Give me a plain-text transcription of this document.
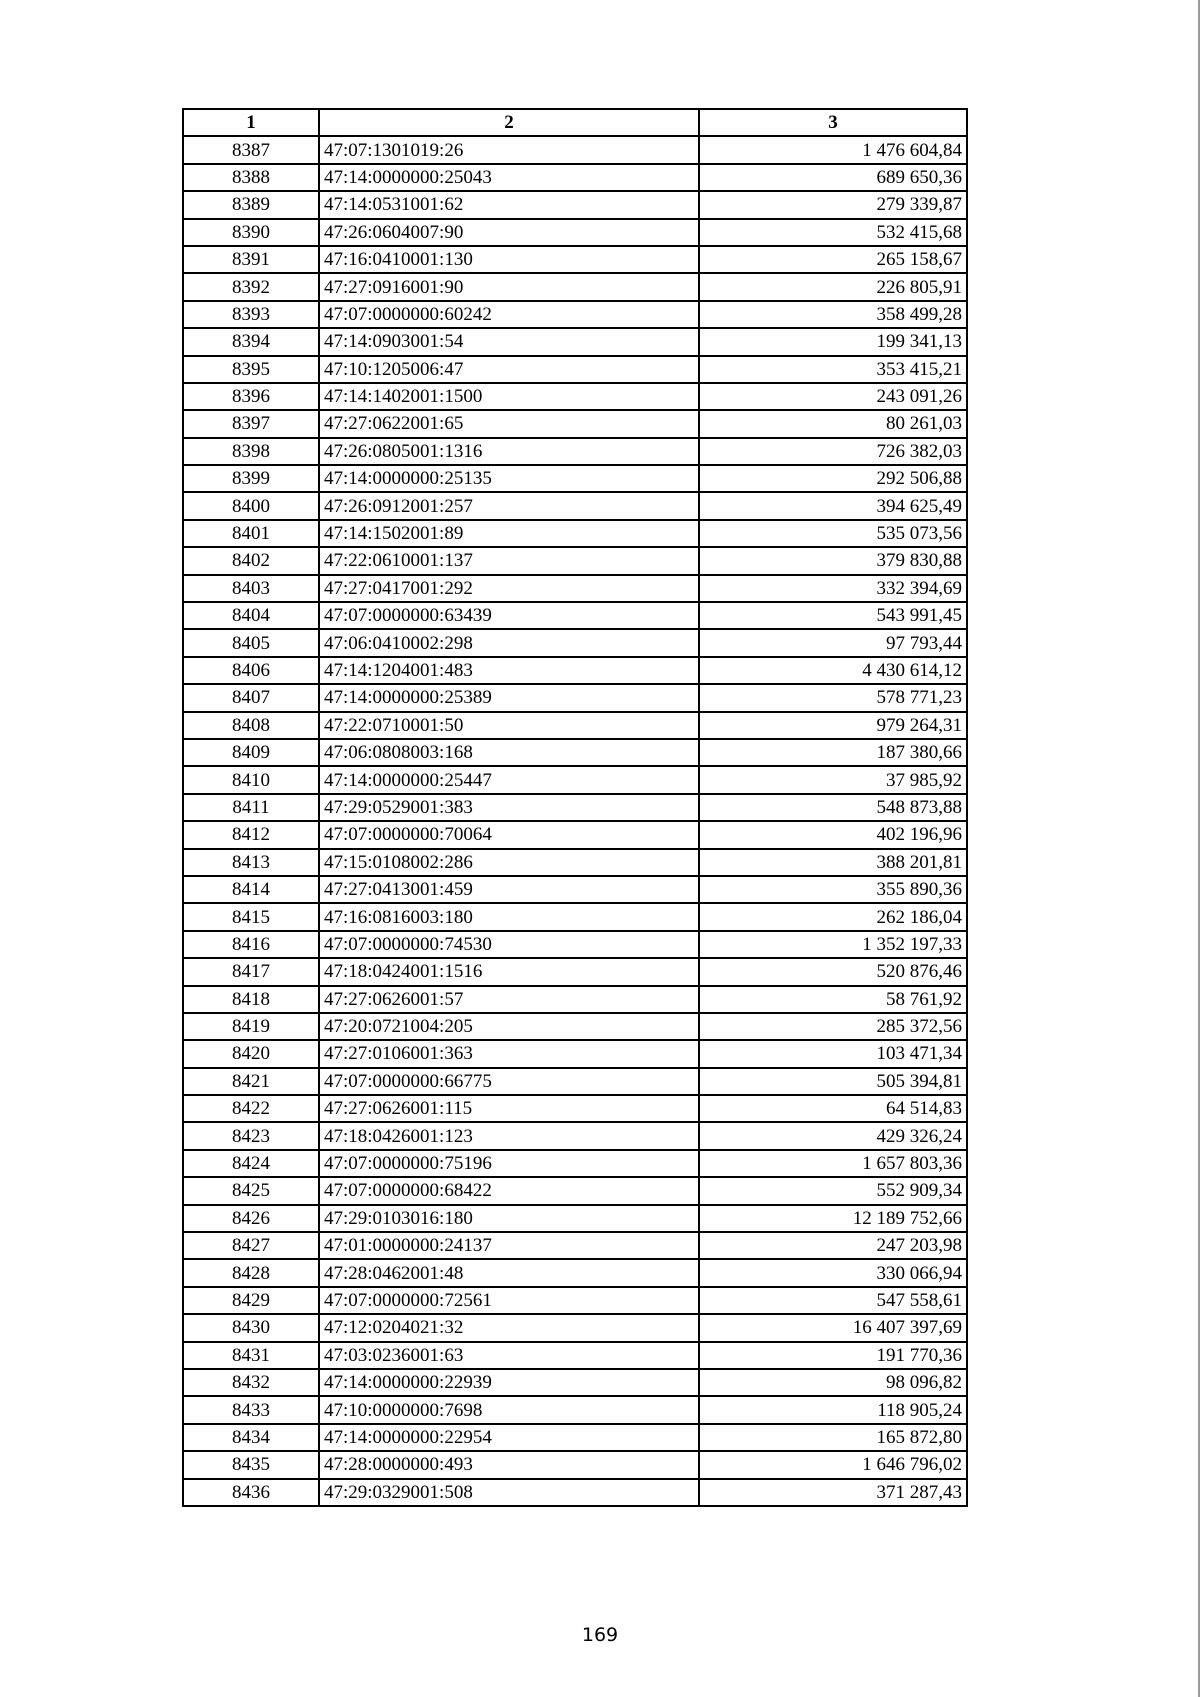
1	2	3
8387	47:07:1301019:26	1 476 604,84
8388	47:14:0000000:25043	689 650,36
8389	47:14:0531001:62	279 339,87
8390	47:26:0604007:90	532 415,68
8391	47:16:0410001:130	265 158,67
8392	47:27:0916001:90	226 805,91
8393	47:07:0000000:60242	358 499,28
8394	47:14:0903001:54	199 341,13
8395	47:10:1205006:47	353 415,21
8396	47:14:1402001:1500	243 091,26
8397	47:27:0622001:65	80 261,03
8398	47:26:0805001:1316	726 382,03
8399	47:14:0000000:25135	292 506,88
8400	47:26:0912001:257	394 625,49
8401	47:14:1502001:89	535 073,56
8402	47:22:0610001:137	379 830,88
8403	47:27:0417001:292	332 394,69
8404	47:07:0000000:63439	543 991,45
8405	47:06:0410002:298	97 793,44
8406	47:14:1204001:483	4 430 614,12
8407	47:14:0000000:25389	578 771,23
8408	47:22:0710001:50	979 264,31
8409	47:06:0808003:168	187 380,66
8410	47:14:0000000:25447	37 985,92
8411	47:29:0529001:383	548 873,88
8412	47:07:0000000:70064	402 196,96
8413	47:15:0108002:286	388 201,81
8414	47:27:0413001:459	355 890,36
8415	47:16:0816003:180	262 186,04
8416	47:07:0000000:74530	1 352 197,33
8417	47:18:0424001:1516	520 876,46
8418	47:27:0626001:57	58 761,92
8419	47:20:0721004:205	285 372,56
8420	47:27:0106001:363	103 471,34
8421	47:07:0000000:66775	505 394,81
8422	47:27:0626001:115	64 514,83
8423	47:18:0426001:123	429 326,24
8424	47:07:0000000:75196	1 657 803,36
8425	47:07:0000000:68422	552 909,34
8426	47:29:0103016:180	12 189 752,66
8427	47:01:0000000:24137	247 203,98
8428	47:28:0462001:48	330 066,94
8429	47:07:0000000:72561	547 558,61
8430	47:12:0204021:32	16 407 397,69
8431	47:03:0236001:63	191 770,36
8432	47:14:0000000:22939	98 096,82
8433	47:10:0000000:7698	118 905,24
8434	47:14:0000000:22954	165 872,80
8435	47:28:0000000:493	1 646 796,02
8436	47:29:0329001:508	371 287,43
169
